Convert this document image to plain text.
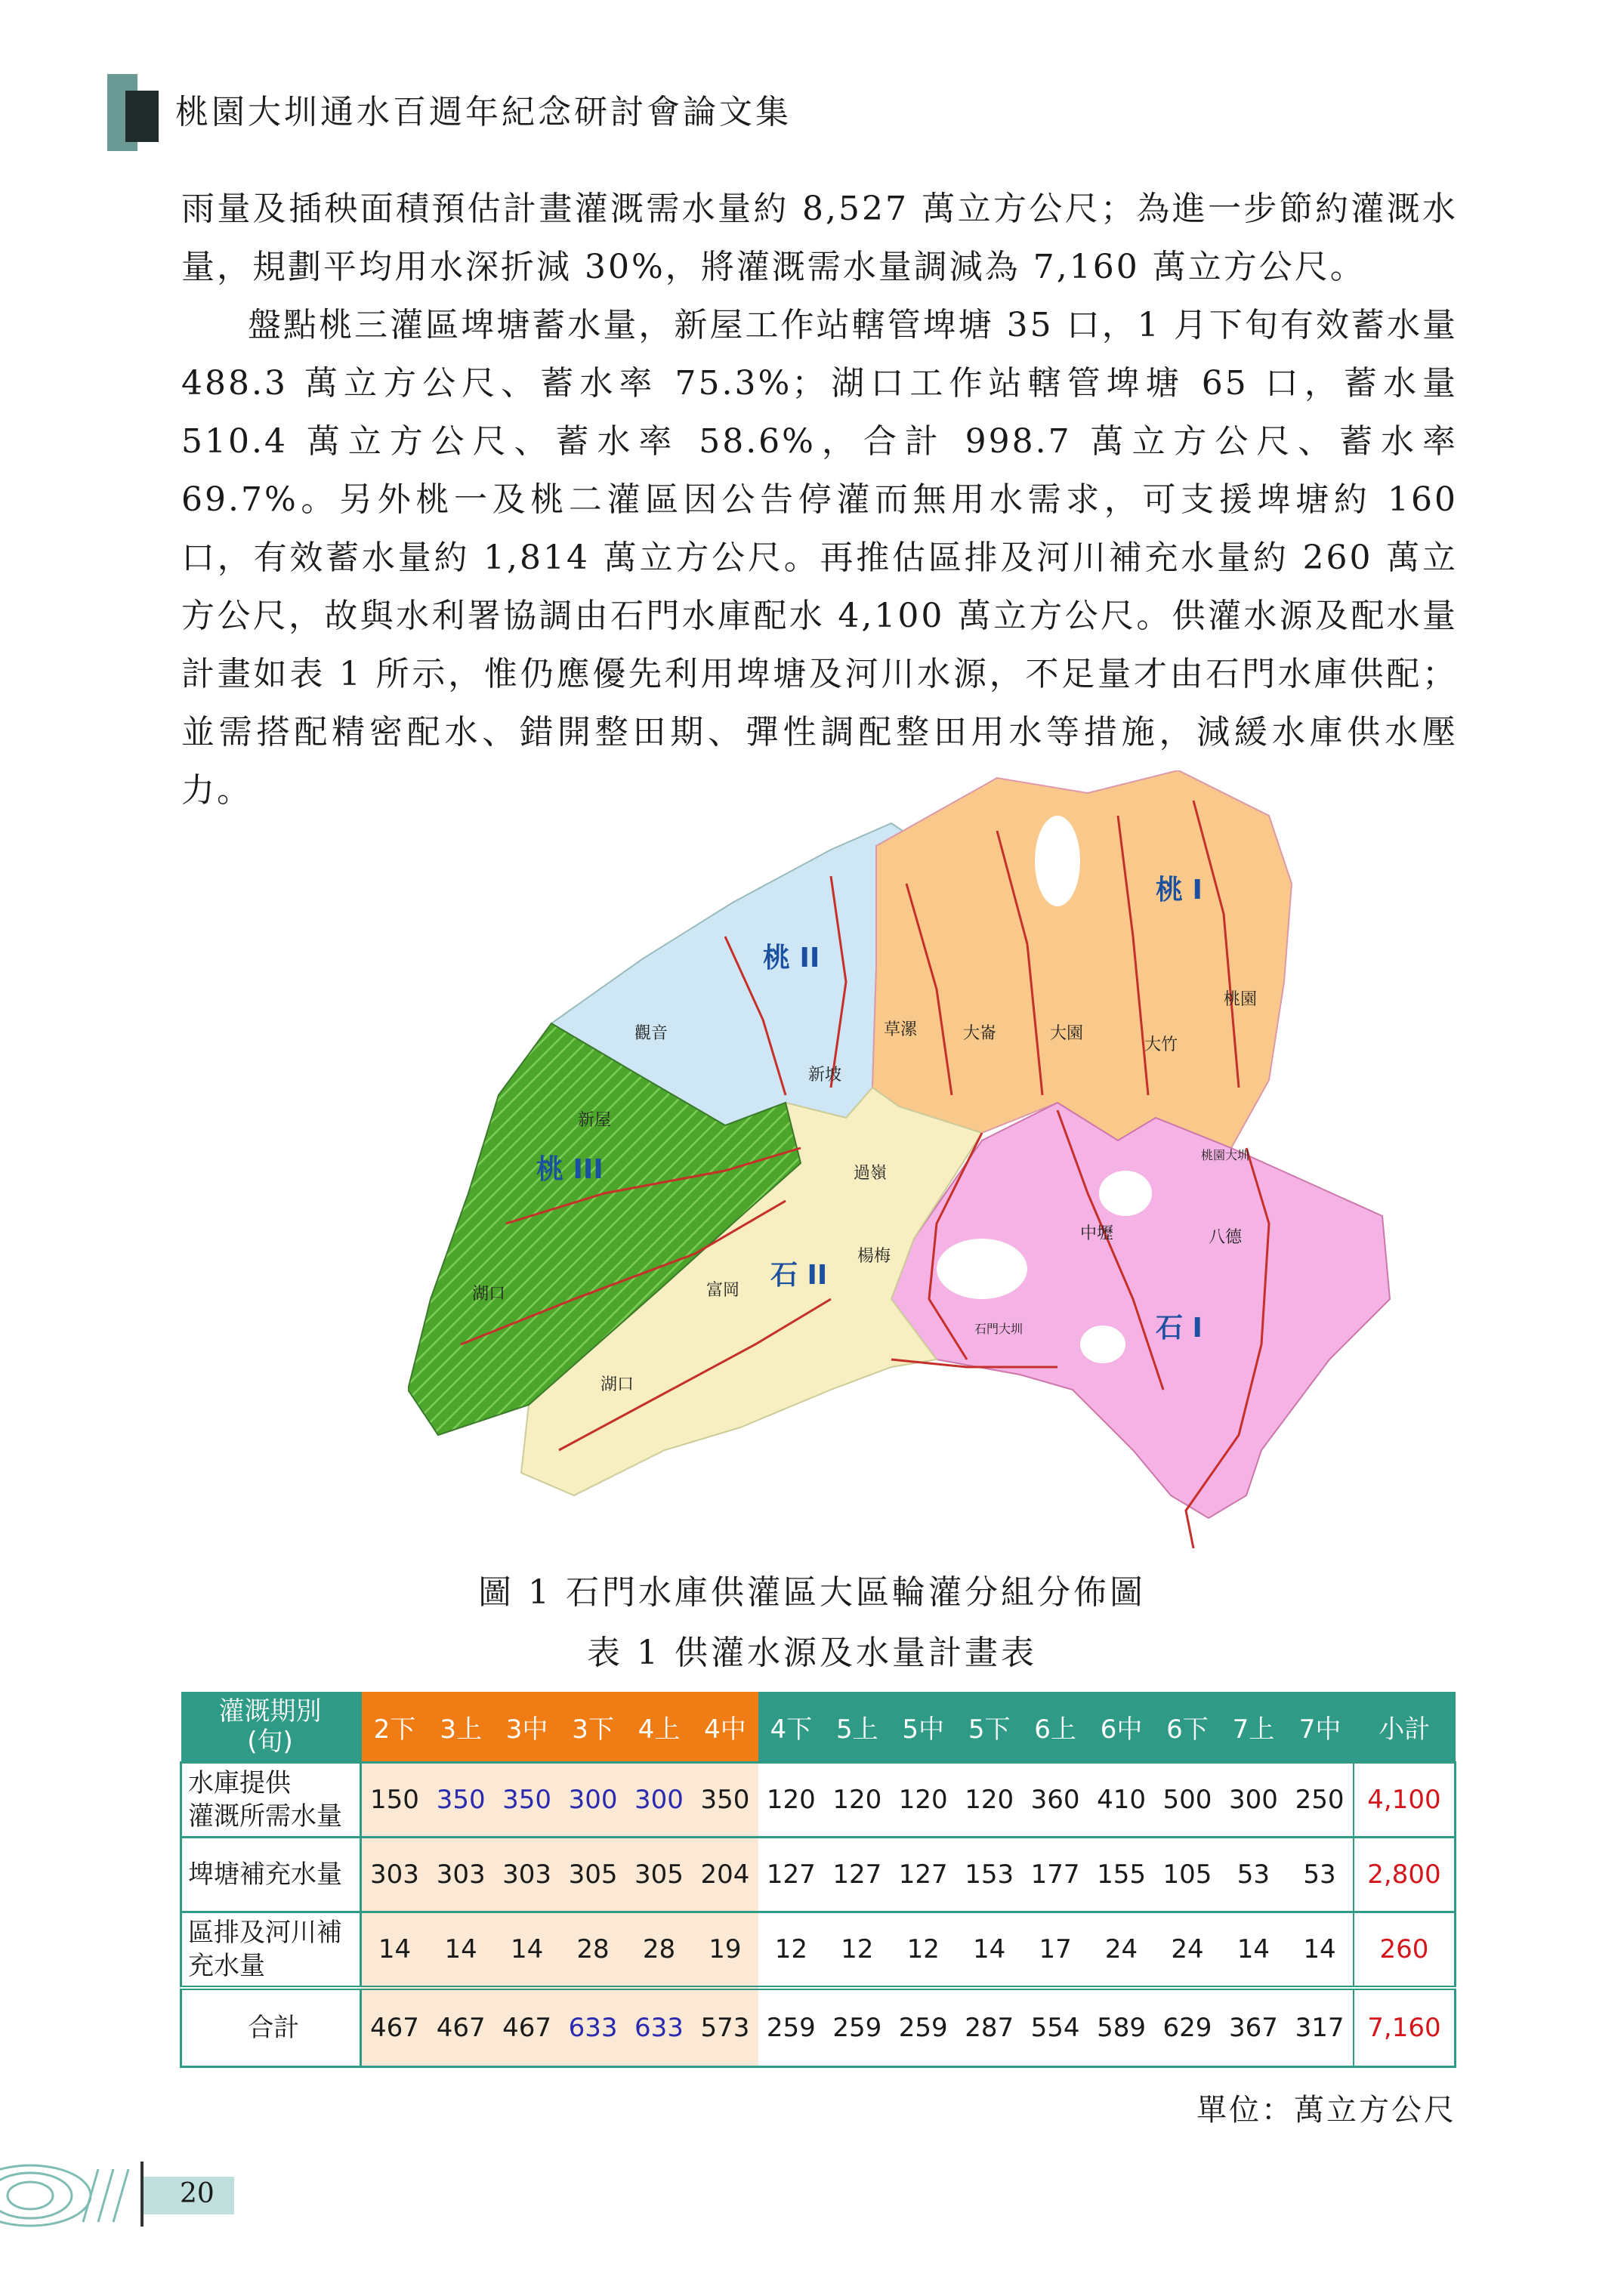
桃園大圳通水百週年紀念研討會論文集

雨量及插秧面積預估計畫灌溉需水量約 8,527 萬立方公尺；為進一步節約灌溉水量，規劃平均用水深折減 30%，將灌溉需水量調減為 7,160 萬立方公尺。

盤點桃三灌區埤塘蓄水量，新屋工作站轄管埤塘 35 口，1 月下旬有效蓄水量 488.3 萬立方公尺、蓄水率 75.3%；湖口工作站轄管埤塘 65 口，蓄水量 510.4 萬立方公尺、蓄水率 58.6%，合計 998.7 萬立方公尺、蓄水率 69.7%。另外桃一及桃二灌區因公告停灌而無用水需求，可支援埤塘約 160 口，有效蓄水量約 1,814 萬立方公尺。再推估區排及河川補充水量約 260 萬立方公尺，故與水利署協調由石門水庫配水 4,100 萬立方公尺。供灌水源及配水量計畫如表 1 所示，惟仍應優先利用埤塘及河川水源，不足量才由石門水庫供配；並需搭配精密配水、錯開整田期、彈性調配整田用水等措施，減緩水庫供水壓力。

桃 I
桃 II
桃 III
石 I
石 II
觀音
新屋
湖口
湖口
新坡
草漯	大崙	大園
大竹
桃園
過嶺
中壢	八德
楊梅
富岡
桃園大圳
石門大圳
圖 1 石門水庫供灌區大區輪灌分組分佈圖
表 1 供灌水源及水量計畫表
灌溉期別
(旬)	2下	3上	3中	3下	4上	4中	4下	5上	5中	5下	6上	6中	6下	7上	7中	小計
水庫提供
灌溉所需水量	150	350	350	300	300	350	120	120	120	120	360	410	500	300	250	4,100
埤塘補充水量	303	303	303	305	305	204	127	127	127	153	177	155	105	53	53	2,800
區排及河川補
充水量	14	14	14	28	28	19	12	12	12	14	17	24	24	14	14	260
合計	467	467	467	633	633	573	259	259	259	287	554	589	629	367	317	7,160
單位：萬立方公尺
20
